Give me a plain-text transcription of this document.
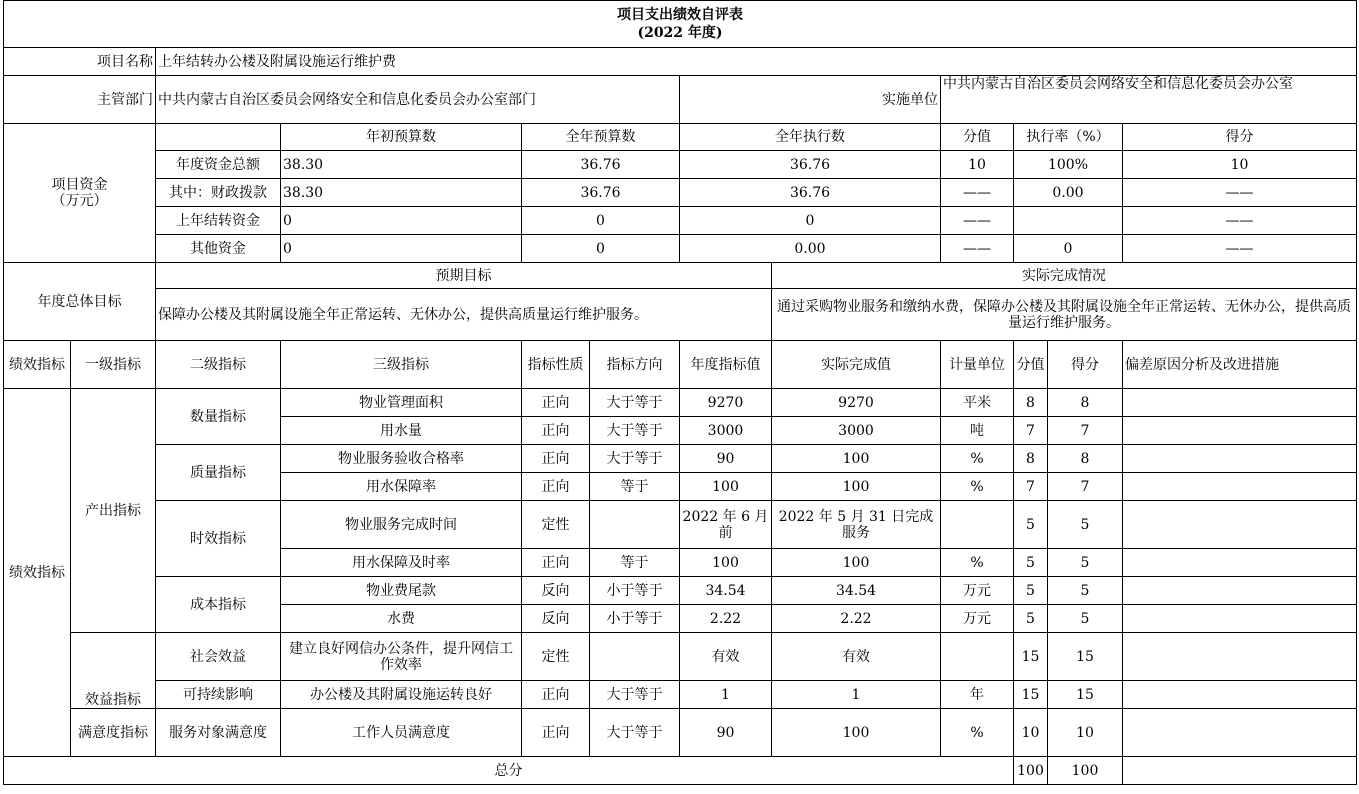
项目支出绩效自评表
(2022 年度)											

项目名称		上年结转办公楼及附属设施运行维护费									
主管部门		中共内蒙古自治区委员会网络安全和信息化委员会办公室部门				实施单位		中共内蒙古自治区委员会网络安全和信息化委员会办公室			
项目资金
（万元）			年初预算数	全年预算数		全年执行数		分值	执行率（%）		得分
		年度资金总额	38.30	36.76		36.76		10	100%		10
		其中：财政拨款	38.30	36.76		36.76		——	0.00		——
		上年结转资金	0	0		0		——			——
		其他资金	0	0		0.00		——	0		——
年度总体目标		预期目标					实际完成情况				
		保障办公楼及其附属设施全年正常运转、无休办公，提供高质量运行维护服务。					通过采购物业服务和缴纳水费，保障办公楼及其附属设施全年正常运转、无休办公，提供高质量运行维护服务。				
绩效指标	一级指标	二级指标	三级指标	指标性质	指标方向	年度指标值	实际完成值	计量单位	分值	得分	偏差原因分析及改进措施
绩效指标	产出指标	数量指标	物业管理面积	正向	大于等于	9270	9270	平米	8	8	
			用水量	正向	大于等于	3000	3000	吨	7	7	
		质量指标	物业服务验收合格率	正向	大于等于	90	100	%	8	8	
			用水保障率	正向	等于	100	100	%	7	7	
		时效指标	物业服务完成时间	定性		2022 年 6 月前	2022 年 5 月 31 日完成服务		5	5	
			用水保障及时率	正向	等于	100	100	%	5	5	
		成本指标	物业费尾款	反向	小于等于	34.54	34.54	万元	5	5	
			水费	反向	小于等于	2.22	2.22	万元	5	5	
	效益指标	社会效益	建立良好网信办公条件，提升网信工作效率	定性		有效	有效		15	15	
		可持续影响	办公楼及其附属设施运转良好	正向	大于等于	1	1	年	15	15	
	满意度指标	服务对象满意度	工作人员满意度	正向	大于等于	90	100	%	10	10	
总分									100	100	
